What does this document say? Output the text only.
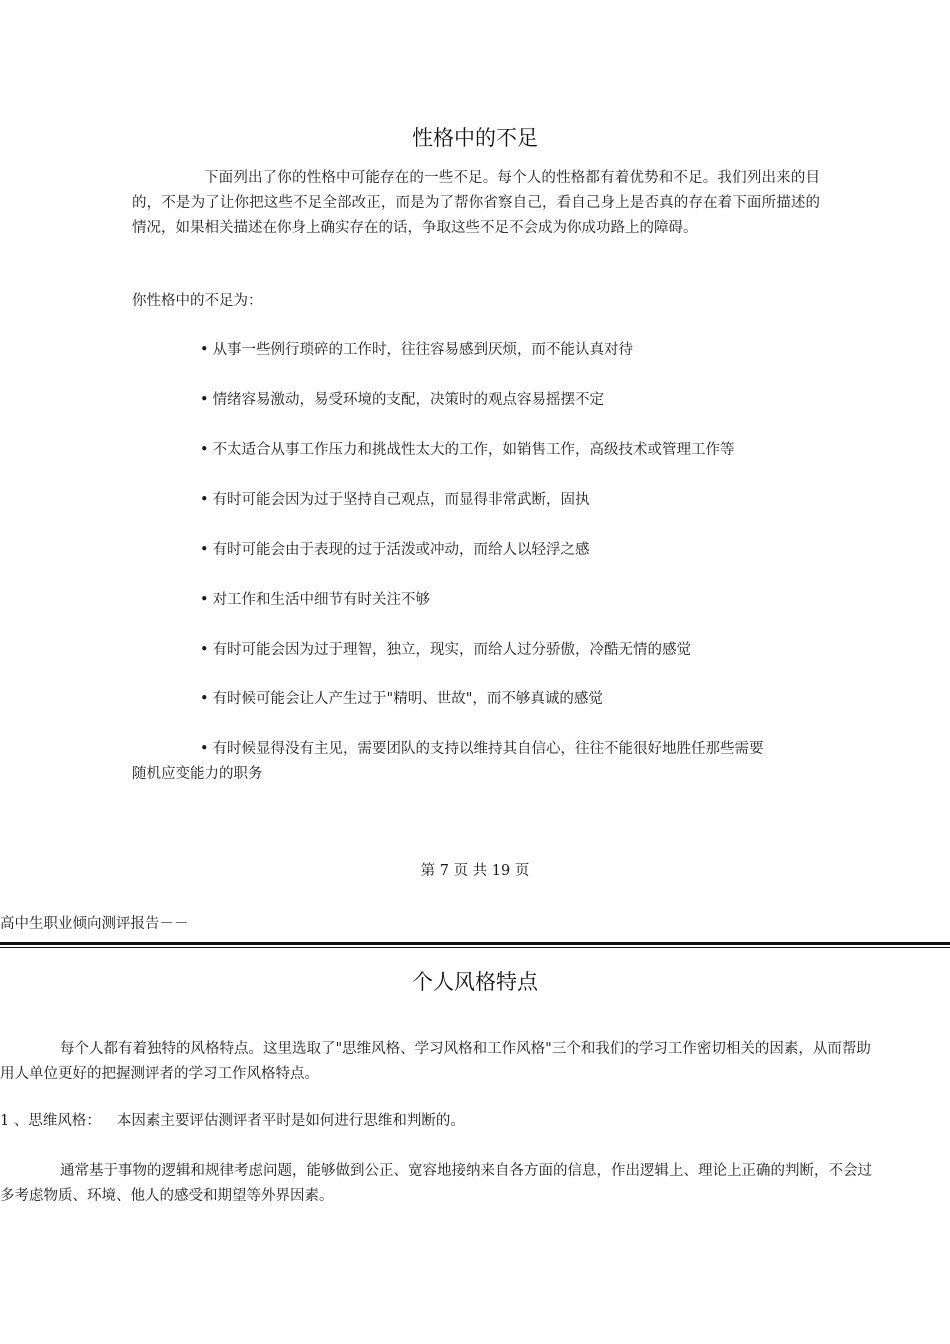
性格中的不足

下面列出了你的性格中可能存在的一些不足。每个人的性格都有着优势和不足。我们列出来的目的，不是为了让你把这些不足全部改正，而是为了帮你省察自己，看自己身上是否真的存在着下面所描述的情况，如果相关描述在你身上确实存在的话，争取这些不足不会成为你成功路上的障碍。

你性格中的不足为：
• 从事一些例行琐碎的工作时，往往容易感到厌烦，而不能认真对待
• 情绪容易激动，易受环境的支配，决策时的观点容易摇摆不定
• 不太适合从事工作压力和挑战性太大的工作，如销售工作，高级技术或管理工作等
• 有时可能会因为过于坚持自己观点，而显得非常武断，固执
• 有时可能会由于表现的过于活泼或冲动，而给人以轻浮之感
• 对工作和生活中细节有时关注不够
• 有时可能会因为过于理智，独立，现实，而给人过分骄傲，冷酷无情的感觉
• 有时候可能会让人产生过于"精明、世故"，而不够真诚的感觉
• 有时候显得没有主见，需要团队的支持以维持其自信心，往往不能很好地胜任那些需要
随机应变能力的职务
第 7 页 共 19 页
高中生职业倾向测评报告－－
个人风格特点
每个人都有着独特的风格特点。这里选取了"思维风格、学习风格和工作风格"三个和我们的学习工作密切相关的因素，从而帮助
用人单位更好的把握测评者的学习工作风格特点。
1 、思维风格： 本因素主要评估测评者平时是如何进行思维和判断的。
通常基于事物的逻辑和规律考虑问题，能够做到公正、宽容地接纳来自各方面的信息，作出逻辑上、理论上正确的判断，不会过
多考虑物质、环境、他人的感受和期望等外界因素。
